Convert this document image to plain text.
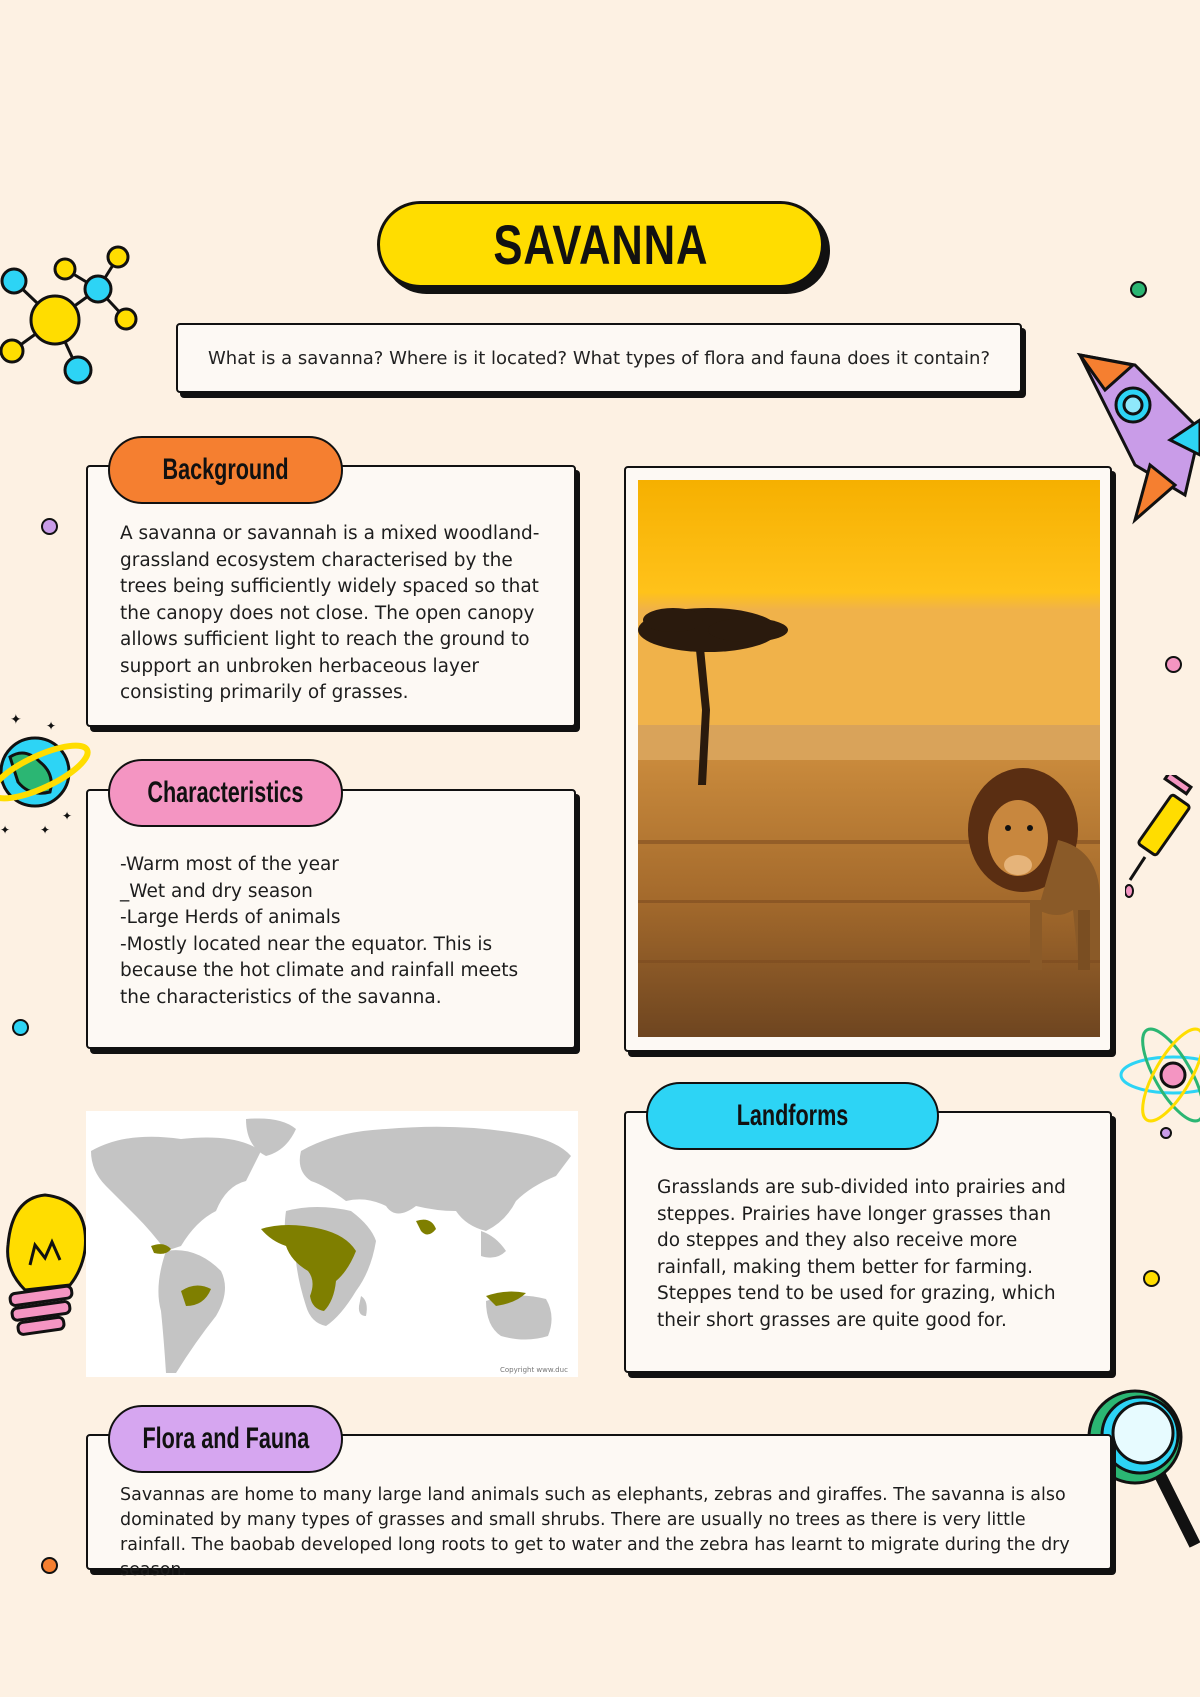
✦ ✦
✦
✦
✦
SAVANNA
What is a savanna? Where is it located? What types of flora and fauna does it contain?
A savanna or savannah is a mixed woodland-grassland ecosystem characterised by the trees being sufficiently widely spaced so that the canopy does not close. The open canopy allows sufficient light to reach the ground to support an unbroken herbaceous layer consisting primarily of grasses.
Background
-Warm most of the year
_Wet and dry season
-Large Herds of animals
-Mostly located near the equator. This is because the hot climate and rainfall meets the characteristics of the savanna.
Characteristics
Copyright www.duc
Grasslands are sub-divided into prairies and steppes. Prairies have longer grasses than do steppes and they also receive more rainfall, making them better for farming. Steppes tend to be used for grazing, which their short grasses are quite good for.
Landforms
Savannas are home to many large land animals such as elephants, zebras and giraffes. The savanna is also dominated by many types of grasses and small shrubs. There are usually no trees as there is very little rainfall. The baobab developed long roots to get to water and the zebra has learnt to migrate during the dry season.
Flora and Fauna
